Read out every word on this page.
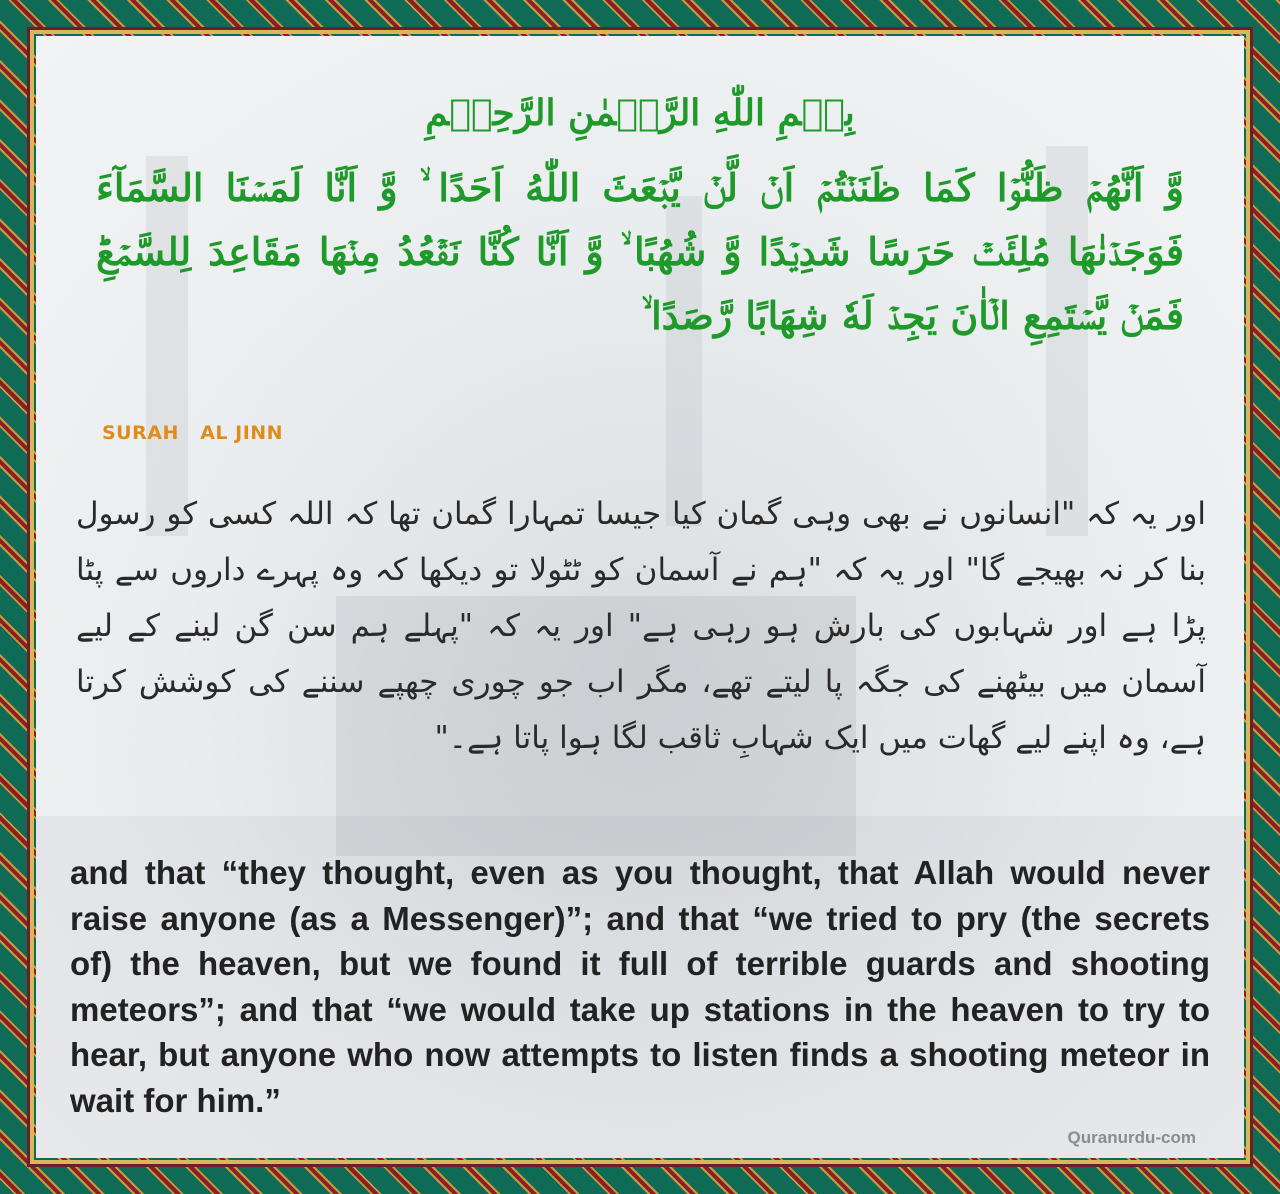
بِسۡمِ اللّٰهِ الرَّحۡمٰنِ الرَّحِيۡمِ
وَّ اَنَّهُمۡ ظَنُّوۡا كَمَا ظَنَنۡتُمۡ اَنۡ لَّنۡ يَّبۡعَثَ اللّٰهُ اَحَدًا ۙ‏ وَّ اَنَّا لَمَسۡنَا السَّمَآءَ فَوَجَدۡنٰهَا مُلِئَتۡ حَرَسًا شَدِيۡدًا وَّ شُهُبًا ۙ‏ وَّ اَنَّا كُنَّا نَقۡعُدُ مِنۡهَا مَقَاعِدَ لِلسَّمۡعِ‌ؕ فَمَنۡ يَّسۡتَمِعِ الۡاٰنَ يَجِدۡ لَهٗ شِهَابًا رَّصَدًا ۙ‏
SURAH   AL JINN
اور یہ کہ "انسانوں نے بھی وہی گمان کیا جیسا تمہارا گمان تھا کہ اللہ کسی کو رسول بنا کر نہ بھیجے گا" اور یہ کہ "ہم نے آسمان کو ٹٹولا تو دیکھا کہ وہ پہرے داروں سے پٹا پڑا ہے اور شہابوں کی بارش ہو رہی ہے" اور یہ کہ "پہلے ہم سن گن لینے کے لیے آسمان میں بیٹھنے کی جگہ پا لیتے تھے، مگر اب جو چوری چھپے سننے کی کوشش کرتا ہے، وہ اپنے لیے گھات میں ایک شہابِ ثاقب لگا ہوا پاتا ہے۔"
and that “they thought, even as you thought, that Allah would never raise anyone (as a Messenger)”; and that “we tried to pry (the secrets of) the heaven, but we found it full of terrible guards and shooting meteors”; and that “we would take up stations in the heaven to try to hear, but anyone who now attempts to listen finds a shooting meteor in wait for him.”
Quranurdu-com
